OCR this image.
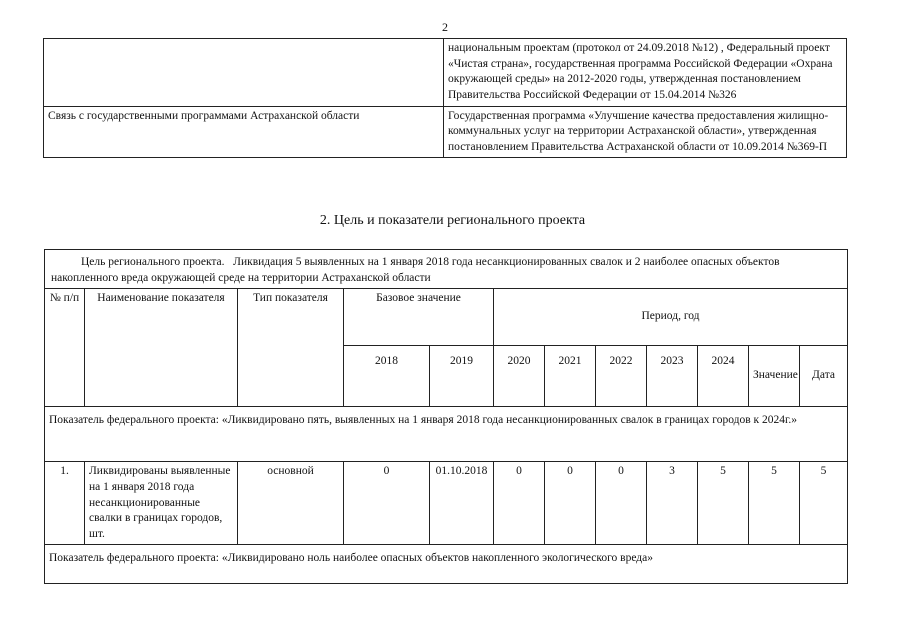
2
	национальным проектам (протокол от 24.09.2018 №12) , Федеральный проект «Чистая страна», государственная программа Российской Федерации «Охрана окружающей среды» на 2012-2020 годы, утвержденная постановлением Правительства Российской Федерации от 15.04.2014 №326
Связь с государственными программами Астраханской области	Государственная программа «Улучшение качества предоставления жилищно-коммунальных услуг на территории Астраханской области», утвержденная постановлением Правительства Астраханской области от 10.09.2014 №369-П
2. Цель и показатели регионального проекта
Цель регионального проекта. Ликвидация 5 выявленных на 1 января 2018 года несанкционированных свалок и 2 наиболее опасных объектов накопленного вреда окружающей среде на территории Астраханской области											
№ п/п	Наименование показателя	Тип показателя	Базовое значение		Период, год						
			2018	2019	2020	2021	2022	2023	2024		
										Значение	Дата
Показатель федерального проекта: «Ликвидировано пять, выявленных на 1 января 2018 года несанкционированных свалок в границах городов к 2024г.»											
1.	Ликвидированы выявленные на 1 января 2018 года несанкционированные свалки в границах городов, шт.	основной	0	01.10.2018	0	0	0	3	5	5	5
Показатель федерального проекта: «Ликвидировано ноль наиболее опасных объектов накопленного экологического вреда»											
